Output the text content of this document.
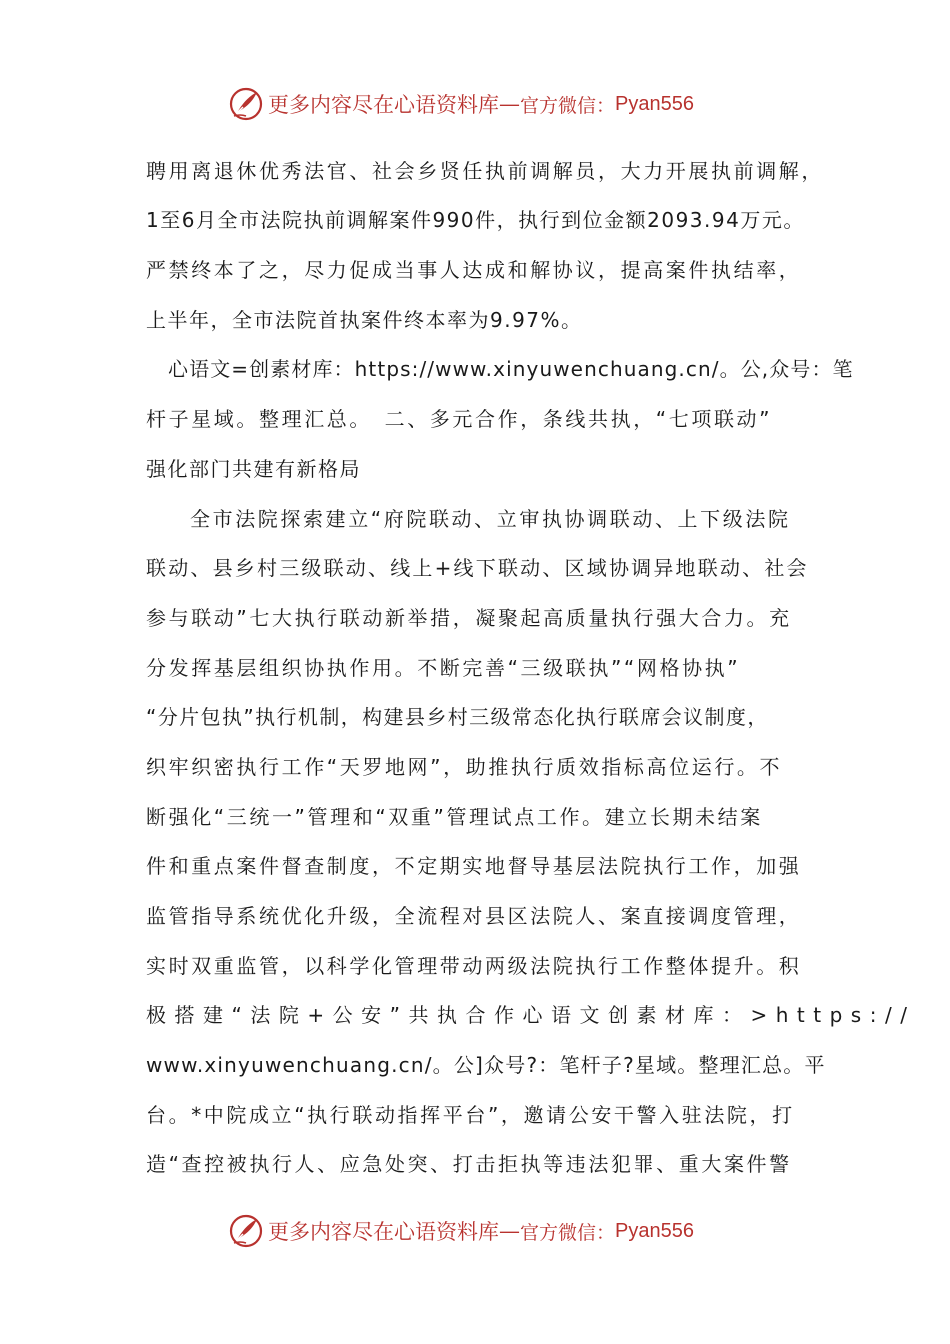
更多内容尽在心语资料库 — 官方微信： Pyan556
聘用离退休优秀法官、社会乡贤任执前调解员，大力开展执前调解，
1至6月全市法院执前调解案件990件，执行到位金额2093.94万元。
严禁终本了之，尽力促成当事人达成和解协议，提高案件执结率，
上半年，全市法院首执案件终本率为9.97%。
心语文=创素材库：https://www.xinyuwenchuang.cn/。公,众号：笔
杆子星域。整理汇总。　二、多元合作，条线共执，“七项联动”
强化部门共建有新格局
全市法院探索建立“府院联动、立审执协调联动、上下级法院
联动、县乡村三级联动、线上+线下联动、区域协调异地联动、社会
参与联动”七大执行联动新举措，凝聚起高质量执行强大合力。充
分发挥基层组织协执作用。不断完善“三级联执”“网格协执”
“分片包执”执行机制，构建县乡村三级常态化执行联席会议制度，
织牢织密执行工作“天罗地网”，助推执行质效指标高位运行。不
断强化“三统一”管理和“双重”管理试点工作。建立长期未结案
件和重点案件督查制度，不定期实地督导基层法院执行工作，加强
监管指导系统优化升级，全流程对县区法院人、案直接调度管理，
实时双重监管，以科学化管理带动两级法院执行工作整体提升。积
极搭建“法院+公安”共执合作心语文创素材库：>https://
www.xinyuwenchuang.cn/。公]众号?：笔杆子?星域。整理汇总。平
台。*中院成立“执行联动指挥平台”，邀请公安干警入驻法院，打
造“查控被执行人、应急处突、打击拒执等违法犯罪、重大案件警
更多内容尽在心语资料库 — 官方微信： Pyan556
